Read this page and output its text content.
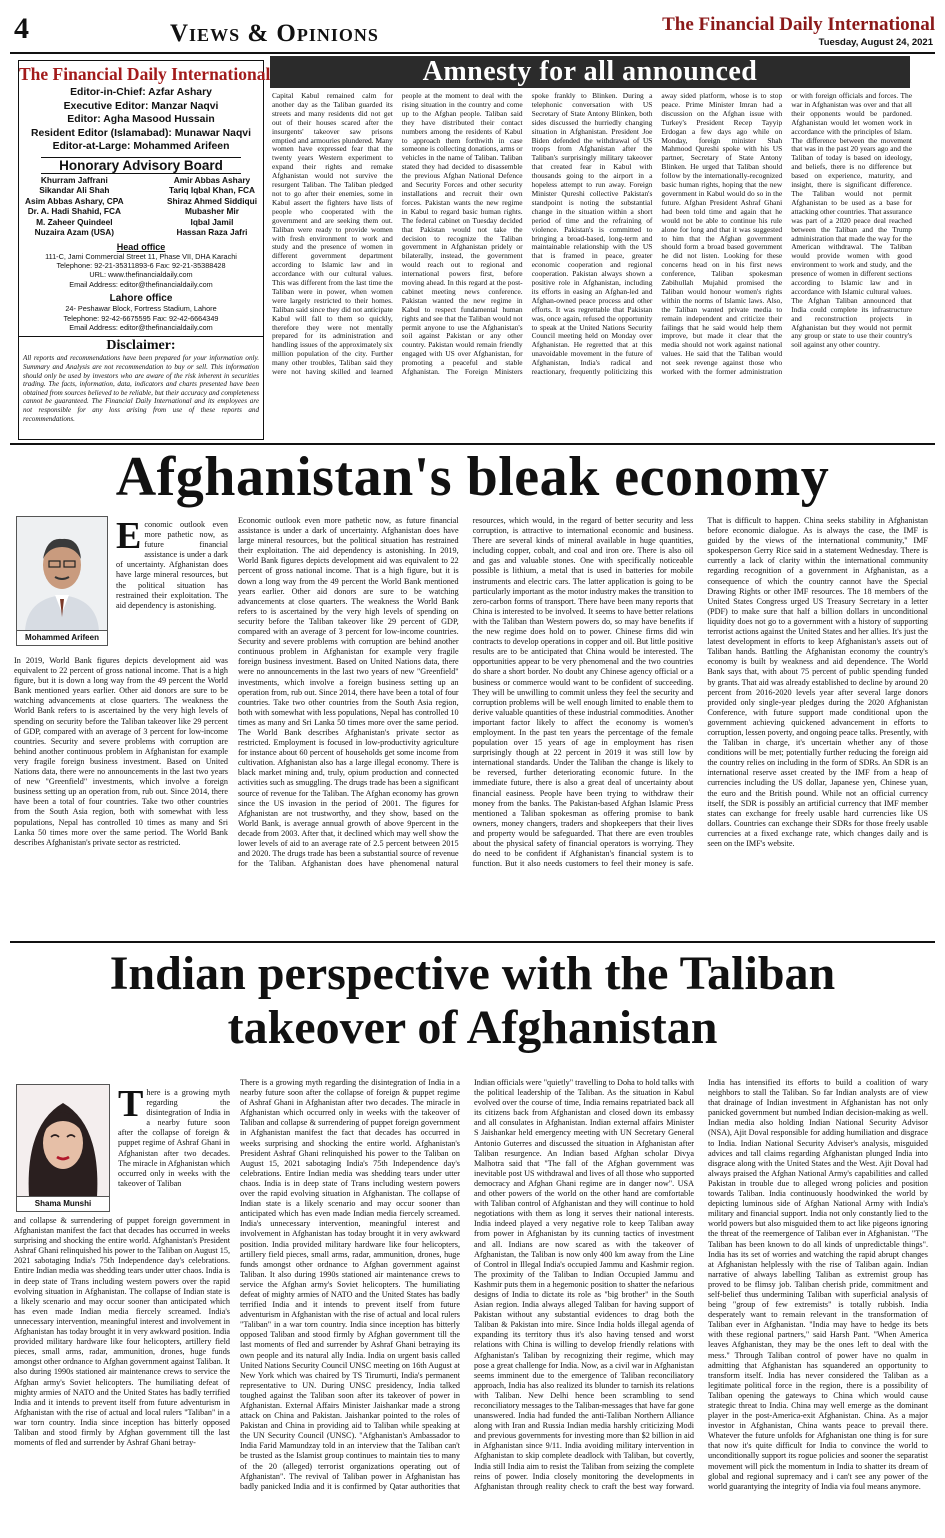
4	Views & Opinions	The Financial Daily International
Tuesday, August 24, 2021
The Financial Daily International
Editor-in-Chief: Azfar Ashary
Executive Editor: Manzar Naqvi
Editor: Agha Masood Hussain
Resident Editor (Islamabad): Munawar Naqvi
Editor-at-Large: Mohammed Arifeen
Honorary Advisory Board
Khurram Jaffrani
Sikandar Ali Shah
Asim Abbas Ashary, CPA
Dr. A. Hadi Shahid, FCA
M. Zaheer Quindeel
Nuzaira Azam (USA)
Amir Abbas Ashary
Tariq Iqbal Khan, FCA
Shiraz Ahmed Siddiqui
Mubasher Mir
Iqbal Jamil
Hassan Raza Jafri
Head office
111-C, Jami Commercial Street 11, Phase VII, DHA Karachi
Telephone: 92-21-35311893-6 Fax: 92-21-35388428
URL: www.thefinancialdaily.com
Email Address: editor@thefinancialdaily.com
Lahore office
24- Peshawar Block, Fortress Stadium, Lahore
Telephone: 92-42-6675595 Fax: 92-42-6664349
Email Address: editor@thefinancialdaily.com
Disclaimer:
All reports and recommendations have been prepared for your information only. Summary and Analysis are not recommendation to buy or sell. This information should only be used by investors who are aware of the risk inherent in securities trading. The facts, information, data, indicators and charts presented have been obtained from sources believed to be reliable, but their accuracy and completeness cannot be guaranteed. The Financial Daily International and its employees are not responsible for any loss arising from use of these reports and recommendations.
Amnesty for all announced
Capital Kabul remained calm for another day as the Taliban guarded its streets and many residents did not get out of their houses scared after the insurgents' takeover saw prisons emptied and armouries plundered. Many women have expressed fear that the twenty years Western experiment to expand their rights and remake Afghanistan would not survive the resurgent Taliban. The Taliban pledged not to go after their enemies, some in Kabul assert the fighters have lists of people who cooperated with the government and are seeking them out. Taliban were ready to provide women with fresh environment to work and study and the presence of women in different government department according to Islamic law and in accordance with our cultural values. This was different from the last time the Taliban were in power, when women were largely restricted to their homes. Taliban said since they did not anticipate Kabul will fall to them so quickly, therefore they were not mentally prepared for its administration and handling issues of the approximately six million population of the city. Further many other troubles, Taliban said they were not having skilled and learned people at the moment to deal with the rising situation in the country and come up to the Afghan people. Taliban said they have distributed their contact numbers among the residents of Kabul to approach them forthwith in case someone is collecting donations, arms or vehicles in the name of Taliban. Taliban stated they had decided to disassemble the previous Afghan National Defence and Security Forces and other security installations and recruit their own forces. Pakistan wants the new regime in Kabul to regard basic human rights. The federal cabinet on Tuesday decided that Pakistan would not take the decision to recognize the Taliban government in Afghanistan pridely or bilaterally, instead, the government would reach out to regional and international powers first, before moving ahead. In this regard at the post-cabinet meeting news conference. Pakistan wanted the new regime in Kabul to respect fundamental human rights and see that the Taliban would not permit anyone to use the Afghanistan's soil against Pakistan or any other country. Pakistan would remain friendly engaged with US over Afghanistan, for promoting a peaceful and stable Afghanistan. The Foreign Ministers spoke frankly to Blinken. During a telephonic conversation with US Secretary of State Antony Blinken, both sides discussed the hurriedly changing situation in Afghanistan. President Joe Biden defended the withdrawal of US troops from Afghanistan after the Taliban's surprisingly military takeover that created fear in Kabul with thousands going to the airport in a hopeless attempt to run away. Foreign Minister Qureshi collective Pakistan's standpoint is noting the substantial change in the situation within a short period of time and the refraining of violence. Pakistan's is committed to bringing a broad-based, long-term and maintainable relationship with the US that is framed in peace, greater economic cooperation and regional cooperation. Pakistan always shown a positive role in Afghanistan, including its efforts in easing an Afghan-led and Afghan-owned peace process and other efforts. It was regrettable that Pakistan was, once again, refused the opportunity to speak at the United Nations Security Council meeting held on Monday over Afghanistan. He regretted that at this unavoidable movement in the future of Afghanistan, India's radical and reactionary, frequently politicizing this away sided platform, whose is to stop peace. Prime Minister Imran had a discussion on the Afghan issue with Turkey's President Recep Tayyip Erdogan a few days ago while on Monday, foreign minister Shah Mahmood Qureshi spoke with his US partner, Secretary of State Antony Blinken. He urged that Taliban should follow by the internationally-recognized basic human rights, hoping that the new government in Kabul would do so in the future. Afghan President Ashraf Ghani had been told time and again that he would not be able to continue his rule alone for long and that it was suggested to him that the Afghan government should form a broad based government he did not listen. Looking for these concerns head on in his first news conference, Taliban spokesman Zabihullah Mujahid promised the Taliban would honour women's rights within the norms of Islamic laws. Also, the Taliban wanted private media to remain independent and criticize their failings that he said would help them improve, but made it clear that the media should not work against national values. He said that the Taliban would not seek revenge against those who worked with the former administration or with foreign officials and forces. The war in Afghanistan was over and that all their opponents would be pardoned. Afghanistan would let women work in accordance with the principles of Islam. The difference between the movement that was in the past 20 years ago and the Taliban of today is based on ideology, and beliefs, there is no difference but based on experience, maturity, and insight, there is significant difference. The Taliban would not permit Afghanistan to be used as a base for attacking other countries. That assurance was part of a 2020 peace deal reached between the Taliban and the Trump administration that made the way for the American withdrawal. The Taliban would provide women with good environment to work and study, and the presence of women in different sections according to Islamic law and in accordance with Islamic cultural values. The Afghan Taliban announced that India could complete its infrastructure and reconstruction projects in Afghanistan but they would not permit any group or state to use their country's soil against any other country.
Afghanistan's bleak economy
Mohammed Arifeen
Economic outlook even more pathetic now, as future financial assistance is under a dark of uncertainty. Afghanistan does have large mineral resources, but the political situation has restrained their exploitation. The aid dependency is astonishing.
In 2019, World Bank figures depicts development aid was equivalent to 22 percent of gross national income. That is a high figure, but it is down a long way from the 49 percent the World Bank mentioned years earlier. Other aid donors are sure to be watching advancements at close quarters. The weakness the World Bank refers to is ascertained by the very high levels of spending on security before the Taliban takeover like 29 percent of GDP, compared with an average of 3 percent for low-income countries. Security and severe problems with corruption are behind another continuous problem in Afghanistan for example very fragile foreign business investment. Based on United Nations data, there were no announcements in the last two years of new "Greenfield" investments, which involve a foreign business setting up an operation from, rub out. Since 2014, there have been a total of four countries. Take two other countries from the South Asia region, both with somewhat with less populations, Nepal has controlled 10 times as many and Sri Lanka 50 times more over the same period. The World Bank describes Afghanistan's private sector as restricted.
Economic outlook even more pathetic now, as future financial assistance is under a dark of uncertainty. Afghanistan does have large mineral resources, but the political situation has restrained their exploitation. The aid dependency is astonishing. In 2019, World Bank figures depicts development aid was equivalent to 22 percent of gross national income. That is a high figure, but it is down a long way from the 49 percent the World Bank mentioned years earlier. Other aid donors are sure to be watching advancements at close quarters. The weakness the World Bank refers to is ascertained by the very high levels of spending on security before the Taliban takeover like 29 percent of GDP, compared with an average of 3 percent for low-income countries. Security and severe problems with corruption are behind another continuous problem in Afghanistan for example very fragile foreign business investment. Based on United Nations data, there were no announcements in the last two years of new "Greenfield" investments, which involve a foreign business setting up an operation from, rub out. Since 2014, there have been a total of four countries. Take two other countries from the South Asia region, both with somewhat with less populations, Nepal has controlled 10 times as many and Sri Lanka 50 times more over the same period. The World Bank describes Afghanistan's private sector as restricted. Employment is focused in low-productivity agriculture for instance about 60 percent of households get some income from cultivation. Afghanistan also has a large illegal economy. There is black market mining and, truly, opium production and connected activities such as smuggling. The drugs trade has been a significant source of revenue for the Taliban. The Afghan economy has grown since the US invasion in the period of 2001. The figures for Afghanistan are not trustworthy, and they show, based on the World Bank, is average annual growth of above 9percent in the decade from 2003. After that, it declined which may well show the lower levels of aid to an average rate of 2.5 percent between 2015 and 2020. The drugs trade has been a substantial source of revenue for the Taliban. Afghanistan does have phenomenal natural resources, which would, in the regard of better security and less corruption, is attractive to international economic and business. There are several kinds of mineral available in huge quantities, including copper, cobalt, and coal and iron ore. There is also oil and gas and valuable stones. One with specifically noticeable possible is lithium, a metal that is used in batteries for mobile instruments and electric cars. The latter application is going to be particularly important as the motor industry makes the transition to zero-carbon forms of transport. There have been many reports that China is interested to be involved. It seems to have better relations with the Taliban than Western powers do, so may have benefits if the new regime does hold on to power. Chinese firms did win contracts to develop operations in copper and oil. But little positive results are to be anticipated that China would be interested. The opportunities appear to be very phenomenal and the two countries do share a short border. No doubt any Chinese agency official or a business or commerce would want to be confident of succeeding. They will be unwilling to commit unless they feel the security and corruption problems will be well enough limited to enable them to derive valuable quantities of these industrial commodities. Another important factor likely to affect the economy is women's employment. In the past ten years the percentage of the female population over 15 years of age in employment has risen surprisingly though at 22 percent in 2019 it was still low by international standards. Under the Taliban the change is likely to be reversed, further deteriorating economic future. In the immediate future, there is also a great deal of uncertainty about financial easiness. People have been trying to withdraw their money from the banks. The Pakistan-based Afghan Islamic Press mentioned a Taliban spokesman as offering promise to bank owners, money changers, traders and shopkeepers that their lives and property would be safeguarded. That there are even troubles about the physical safety of financial operators is worrying. They do need to be confident if Afghanistan's financial system is to function. But it also needs customers to feel their money is safe. That is difficult to happen. China seeks stability in Afghanistan before economic dialogue. As is always the case, the IMF is guided by the views of the international community," IMF spokesperson Gerry Rice said in a statement Wednesday. There is currently a lack of clarity within the international community regarding recognition of a government in Afghanistan, as a consequence of which the country cannot have the Special Drawing Rights or other IMF resources. The 18 members of the United States Congress urged US Treasury Secretary in a letter (PDF) to make sure that half a billion dollars in unconditional liquidity does not go to a government with a history of supporting terrorist actions against the United States and her allies. It's just the latest development in efforts to keep Afghanistan's assets out of Taliban hands. Battling the Afghanistan economy the country's economy is built by weakness and aid dependence. The World Bank says that, with about 75 percent of public spending funded by grants. That aid was already established to decline by around 20 percent from 2016-2020 levels year after several large donors provided only single-year pledges during the 2020 Afghanistan Conference, with future support made conditional upon the government achieving quickened advancement in efforts to corruption, lessen poverty, and ongoing peace talks. Presently, with the Taliban in charge, it's uncertain whether any of those conditions will be met; potentially further reducing the foreign aid the country relies on including in the form of SDRs. An SDR is an international reserve asset created by the IMF from a heap of currencies including the US dollar, Japanese yen, Chinese yuan, the euro and the British pound. While not an official currency itself, the SDR is possibly an artificial currency that IMF member states can exchange for freely usable hard currencies like US dollars. Countries can exchange their SDRs for those freely usable currencies at a fixed exchange rate, which changes daily and is seen on the IMF's website.
Indian perspective with the Taliban
takeover of Afghanistan
Shama Munshi
There is a growing myth regarding the disintegration of India in a nearby future soon after the collapse of foreign & puppet regime of Ashraf Ghani in Afghanistan after two decades. The miracle in Afghanistan which occurred only in weeks with the takeover of Taliban
and collapse & surrendering of puppet foreign government in Afghanistan manifest the fact that decades has occurred in weeks surprising and shocking the entire world. Afghanistan's President Ashraf Ghani relinquished his power to the Taliban on August 15, 2021 sabotaging India's 75th Independence day's celebrations. Entire Indian media was shedding tears under utter chaos. India is in deep state of Trans including western powers over the rapid evolving situation in Afghanistan. The collapse of Indian state is a likely scenario and may occur sooner than anticipated which has even made Indian media fiercely screamed. India's unnecessary intervention, meaningful interest and involvement in Afghanistan has today brought it in very awkward position. India provided military hardware like four helicopters, artillery field pieces, small arms, radar, ammunition, drones, huge funds amongst other ordnance to Afghan government against Taliban. It also during 1990s stationed air maintenance crews to service the Afghan army's Soviet helicopters. The humiliating defeat of mighty armies of NATO and the United States has badly terrified India and it intends to prevent itself from future adventurism in Afghanistan with the rise of actual and local rulers "Taliban" in a war torn country. India since inception has bitterly opposed Taliban and stood firmly by Afghan government till the last moments of fled and surrender by Ashraf Ghani betray-
There is a growing myth regarding the disintegration of India in a nearby future soon after the collapse of foreign & puppet regime of Ashraf Ghani in Afghanistan after two decades. The miracle in Afghanistan which occurred only in weeks with the takeover of Taliban and collapse & surrendering of puppet foreign government in Afghanistan manifest the fact that decades has occurred in weeks surprising and shocking the entire world. Afghanistan's President Ashraf Ghani relinquished his power to the Taliban on August 15, 2021 sabotaging India's 75th Independence day's celebrations. Entire Indian media was shedding tears under utter chaos. India is in deep state of Trans including western powers over the rapid evolving situation in Afghanistan. The collapse of Indian state is a likely scenario and may occur sooner than anticipated which has even made Indian media fiercely screamed. India's unnecessary intervention, meaningful interest and involvement in Afghanistan has today brought it in very awkward position. India provided military hardware like four helicopters, artillery field pieces, small arms, radar, ammunition, drones, huge funds amongst other ordnance to Afghan government against Taliban. It also during 1990s stationed air maintenance crews to service the Afghan army's Soviet helicopters. The humiliating defeat of mighty armies of NATO and the United States has badly terrified India and it intends to prevent itself from future adventurism in Afghanistan with the rise of actual and local rulers "Taliban" in a war torn country. India since inception has bitterly opposed Taliban and stood firmly by Afghan government till the last moments of fled and surrender by Ashraf Ghani betraying its own people and its natural ally India. India on urgent basis called United Nations Security Council UNSC meeting on 16th August at New York which was chaired by TS Tirumurti, India's permanent representative to UN. During UNSC presidency, India talked toughed against the Taliban soon after its takeover of power in Afghanistan. External Affairs Minister Jaishankar made a strong attack on China and Pakistan. Jaishankar pointed to the roles of Pakistan and China in providing aid to Taliban while speaking at the UN Security Council (UNSC). "Afghanistan's Ambassador to India Farid Mamundzay told in an interview that the Taliban can't be trusted as the Islamist group continues to maintain ties to many of the 20 (alleged) terrorist organizations operating out of Afghanistan". The revival of Taliban power in Afghanistan has badly panicked India and it is confirmed by Qatar authorities that Indian officials were "quietly" travelling to Doha to hold talks with the political leadership of the Taliban. As the situation in Kabul evolved over the course of time, India remains repatriated back all its citizens back from Afghanistan and closed down its embassy and all consulates in Afghanistan. Indian external affairs Minister S Jaishankar held emergency meeting with UN Secretary General Antonio Guterres and discussed the situation in Afghanistan after Taliban resurgence. An Indian based Afghan scholar Divya Malhotra said that "The fall of the Afghan government was inevitable post US withdrawal and lives of all those who supported democracy and Afghan Ghani regime are in danger now". USA and other powers of the world on the other hand are comfortable with Taliban control of Afghanistan and they will continue to hold negotiations with them as long it serves their national interests. India indeed played a very negative role to keep Taliban away from power in Afghanistan by its cunning tactics of investment and all. Indians are now scared as with the takeover of Afghanistan, the Taliban is now only 400 km away from the Line of Control in Illegal India's occupied Jammu and Kashmir region. The proximity of the Taliban to Indian Occupied Jammu and Kashmir puts them in a hegemonic position to shatter the nefarious designs of India to dictate its role as "big brother" in the South Asian region. India always alleged Taliban for having support of Pakistan without any substantial evidences to drag both the Taliban & Pakistan into mire. Since India holds illegal agenda of expanding its territory thus it's also having tensed and worst relations with China is willing to develop friendly relations with Afghanistan's Taliban by recognizing their regime, which may pose a great challenge for India. Now, as a civil war in Afghanistan seems imminent due to the emergence of Taliban reconciliatory approach, India has also realized its blunder to tarnish its relations with Taliban. New Delhi hence been scrambling to send reconciliatory messages to the Taliban-messages that have far gone unanswered. India had funded the anti-Taliban Northern Alliance along with Iran and Russia Indian media harshly criticizing Modi and previous governments for investing more than $2 billion in aid in Afghanistan since 9/11. India avoiding military intervention in Afghanistan to skip complete deadlock with Taliban, but covertly, India still India aim to resist the Taliban from seizing the complete reins of power. India closely monitoring the developments in Afghanistan through reality check to craft the best way forward. India has intensified its efforts to build a coalition of wary neighbors to stall the Taliban. So far Indian analysts are of view that drainage of Indian investment in Afghanistan has not only panicked government but numbed Indian decision-making as well. Indian media also holding Indian National Security Advisor (NSA), Ajit Doval responsible for adding humiliation and disgrace to India. Indian National Security Adviser's analysis, misguided advices and tall claims regarding Afghanistan plunged India into disgrace along with the United States and the West. Ajit Doval had always praised the Afghan National Army's capabilities and called Pakistan in trouble due to alleged wrong policies and position towards Taliban. India continuously hoodwinked the world by depicting luminous side of Afghan National Army with India's military and financial support. India not only constantly lied to the world powers but also misguided them to act like pigeons ignoring the threat of the reemergence of Taliban ever in Afghanistan. "The Taliban has been known to do all kinds of unpredictable things". India has its set of worries and watching the rapid abrupt changes at Afghanistan helplessly with the rise of Taliban again. Indian narrative of always labelling Taliban as extremist group has proved to be flimsy job. Taliban cherish pride, commitment and self-belief thus undermining Taliban with superficial analysis of being "group of few extremists" is totally rubbish. India desperately want to remain relevant in the transformation of Taliban ever in Afghanistan. "India may have to hedge its bets with these regional partners," said Harsh Pant. "When America leaves Afghanistan, they may be the ones left to deal with the mess." Through Taliban control of power have no qualm in admitting that Afghanistan has squandered an opportunity to transform itself. India has never considered the Taliban as a legitimate political force in the region, there is a possibility of Taliban opening the gateways to China which would cause strategic threat to India. China may well emerge as the dominant player in the post-America-exit Afghanistan. China. As a major investor in Afghanistan, China wants peace to prevail there. Whatever the future unfolds for Afghanistan one thing is for sure that now it's quite difficult for India to convince the world to unconditionally support its rogue policies and sooner the separatist movement will pick the momentum in India to shatter its dream of global and regional supremacy and i can't see any power of the world guarantying the integrity of India via foul means anymore.
